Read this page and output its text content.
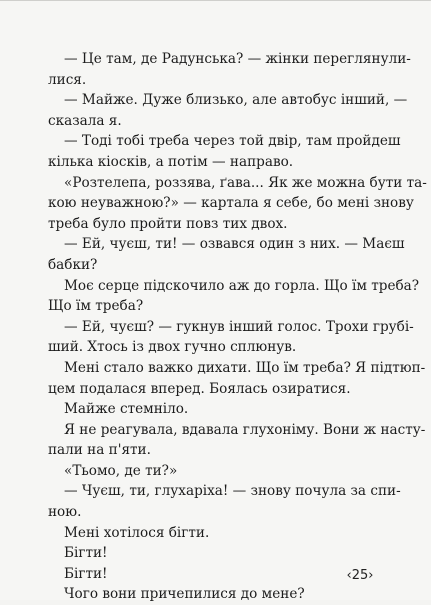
— Це там, де Радунська? — жінки переглянули-
лися.
— Майже. Дуже близько, але автобус інший, —
сказала я.
— Тоді тобі треба через той двір, там пройдеш
кілька кіосків, а потім — направо.
«Розтелепа, роззява, ґава... Як же можна бути та-
кою неуважною?» — картала я себе, бо мені знову
треба було пройти повз тих двох.
— Ей, чуєш, ти! — озвався один з них. — Маєш
бабки?
Моє серце підскочило аж до горла. Що їм треба?
Що їм треба?
— Ей, чуєш? — гукнув інший голос. Трохи грубі-
ший. Хтось із двох гучно сплюнув.
Мені стало важко дихати. Що їм треба? Я підтюп-
цем подалася вперед. Боялась озиратися.
Майже стемніло.
Я не реагувала, вдавала глухоніму. Вони ж насту-
пали на п'яти.
«Тьомо, де ти?»
— Чуєш, ти, глухаріха! — знову почула за спи-
ною.
Мені хотілося бігти.
Бігти!
Бігти!
Чого вони причепилися до мене?
‹25›
